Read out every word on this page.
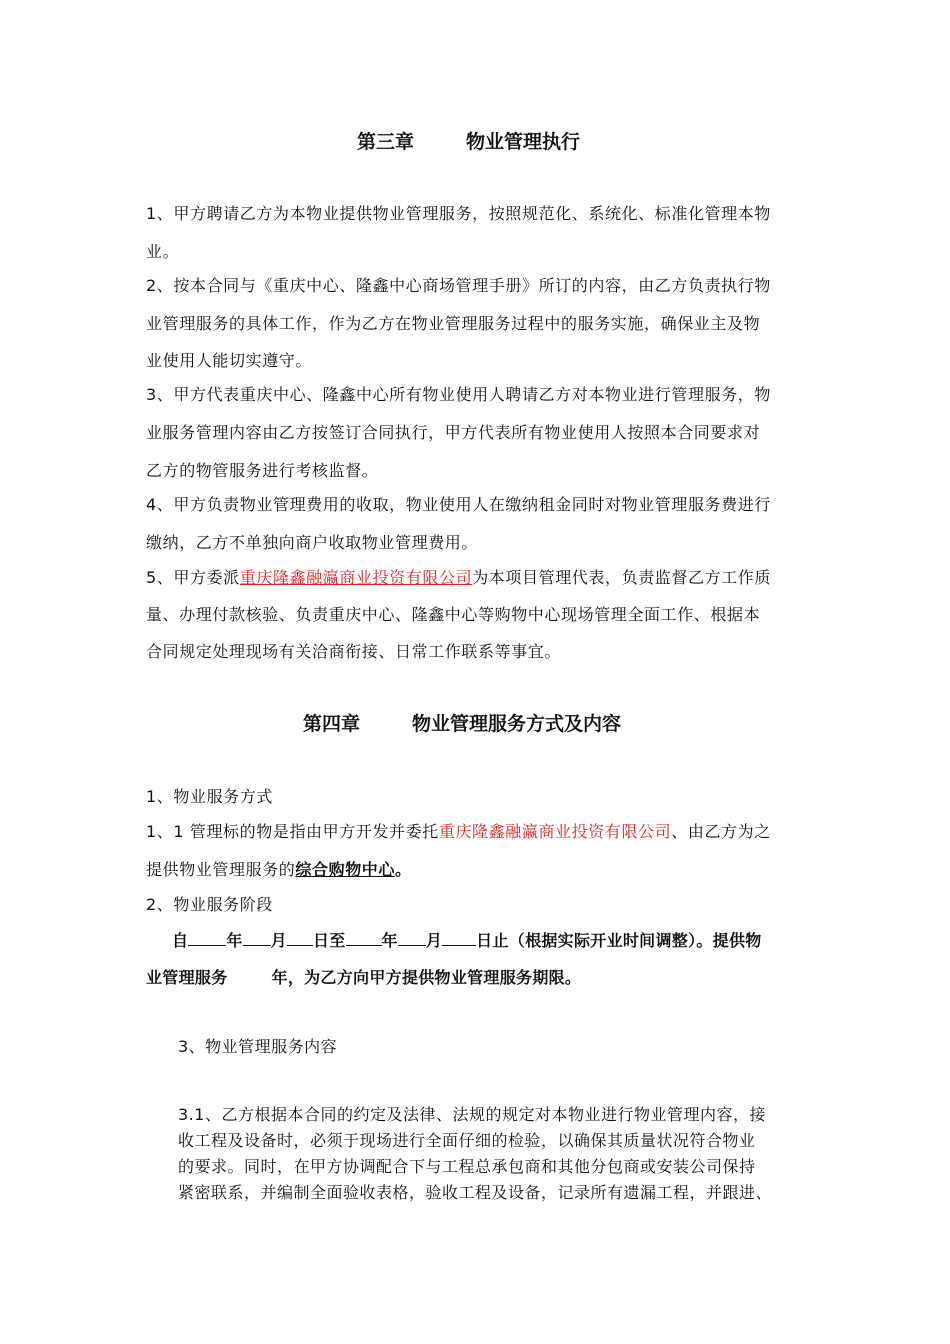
第三章	物业管理执行
1、甲方聘请乙方为本物业提供物业管理服务，按照规范化、系统化、标准化管理本物
业。
2、按本合同与《重庆中心、隆鑫中心商场管理手册》所订的内容，由乙方负责执行物
业管理服务的具体工作，作为乙方在物业管理服务过程中的服务实施，确保业主及物
业使用人能切实遵守。
3、甲方代表重庆中心、隆鑫中心所有物业使用人聘请乙方对本物业进行管理服务，物
业服务管理内容由乙方按签订合同执行，甲方代表所有物业使用人按照本合同要求对
乙方的物管服务进行考核监督。
4、甲方负责物业管理费用的收取，物业使用人在缴纳租金同时对物业管理服务费进行
缴纳，乙方不单独向商户收取物业管理费用。
5、甲方委派重庆隆鑫融瀛商业投资有限公司为本项目管理代表，负责监督乙方工作质
量、办理付款核验、负责重庆中心、隆鑫中心等购物中心现场管理全面工作、根据本
合同规定处理现场有关洽商衔接、日常工作联系等事宜。
第四章	物业管理服务方式及内容
1、物业服务方式
1、1 管理标的物是指由甲方开发并委托重庆隆鑫融瀛商业投资有限公司、由乙方为之
提供物业管理服务的综合购物中心。
2、物业服务阶段
自 年 月 日至 年 月 日止（根据实际开业时间调整）。提供物
业管理服务	年，为乙方向甲方提供物业管理服务期限。
3、物业管理服务内容
3.1、乙方根据本合同的约定及法律、法规的规定对本物业进行物业管理内容，接
收工程及设备时，必须于现场进行全面仔细的检验，以确保其质量状况符合物业
的要求。同时，在甲方协调配合下与工程总承包商和其他分包商或安装公司保持
紧密联系，并编制全面验收表格，验收工程及设备，记录所有遗漏工程，并跟进、
